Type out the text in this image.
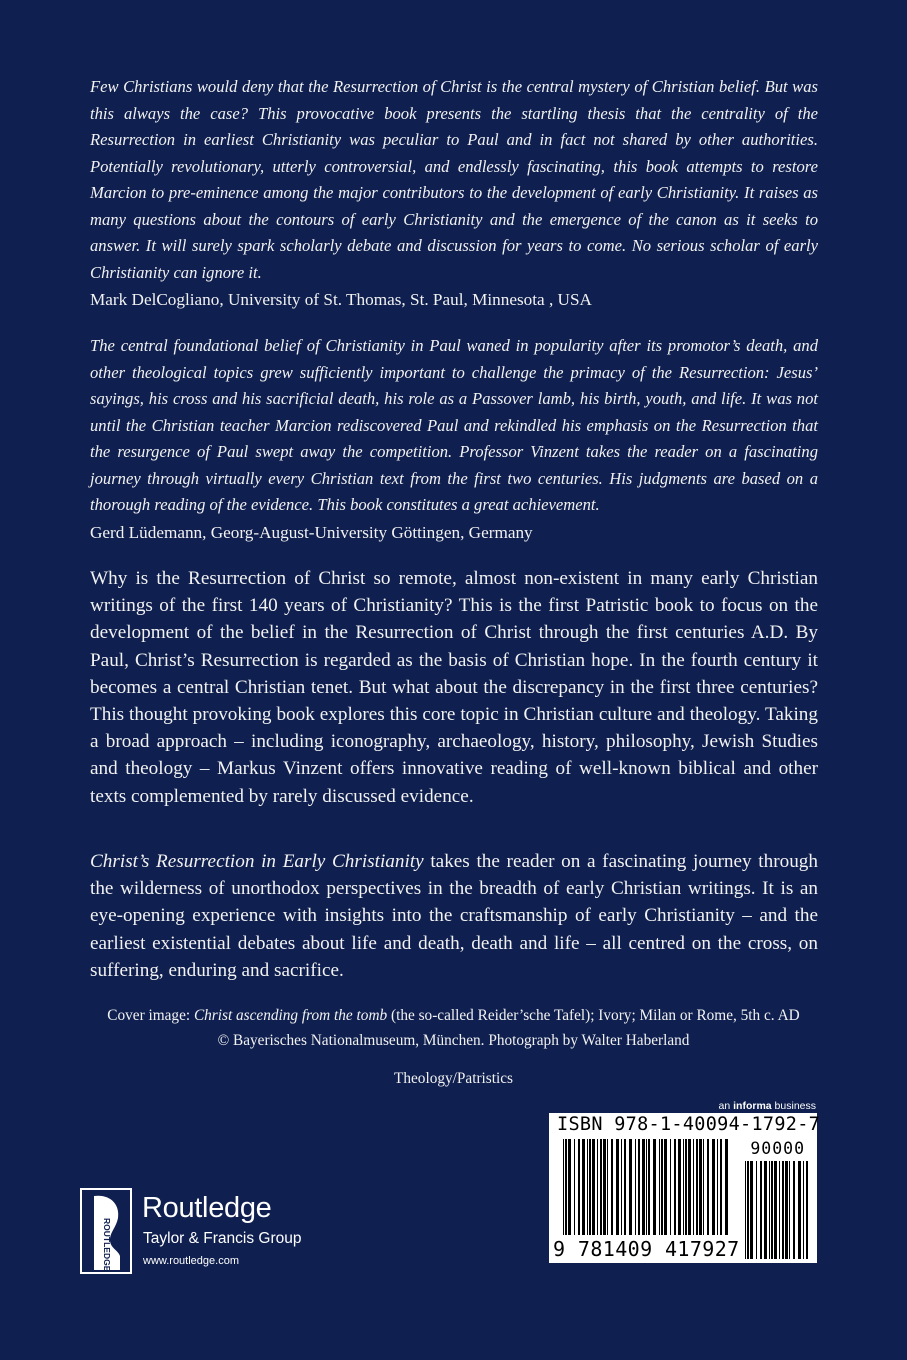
Few Christians would deny that the Resurrection of Christ is the central mystery of Christian belief. But was this always the case? This provocative book presents the startling thesis that the centrality of the Resurrection in earliest Christianity was peculiar to Paul and in fact not shared by other authorities. Potentially revolutionary, utterly controversial, and endlessly fascinating, this book attempts to restore Marcion to pre-eminence among the major contributors to the development of early Christianity. It raises as many questions about the contours of early Christianity and the emergence of the canon as it seeks to answer. It will surely spark scholarly debate and discussion for years to come. No serious scholar of early Christianity can ignore it.

Mark DelCogliano, University of St. Thomas, St. Paul, Minnesota , USA

The central foundational belief of Christianity in Paul waned in popularity after its promotor’s death, and other theological topics grew sufficiently important to challenge the primacy of the Resurrection: Jesus’ sayings, his cross and his sacrificial death, his role as a Passover lamb, his birth, youth, and life. It was not until the Christian teacher Marcion rediscovered Paul and rekindled his emphasis on the Resurrection that the resurgence of Paul swept away the competition. Professor Vinzent takes the reader on a fascinating journey through virtually every Christian text from the first two centuries. His judgments are based on a thorough reading of the evidence. This book constitutes a great achievement.

Gerd Lüdemann, Georg-August-University Göttingen, Germany

Why is the Resurrection of Christ so remote, almost non-existent in many early Christian writings of the first 140 years of Christianity? This is the first Patristic book to focus on the development of the belief in the Resurrection of Christ through the first centuries A.D. By Paul, Christ’s Resurrection is regarded as the basis of Christian hope. In the fourth century it becomes a central Christian tenet. But what about the discrepancy in the first three centuries? This thought provoking book explores this core topic in Christian culture and theology. Taking a broad approach – including iconography, archaeology, history, philosophy, Jewish Studies and theology – Markus Vinzent offers innovative reading of well-known biblical and other texts complemented by rarely discussed evidence.

Christ’s Resurrection in Early Christianity takes the reader on a fascinating journey through the wilderness of unorthodox perspectives in the breadth of early Christian writings. It is an eye-opening experience with insights into the craftsmanship of early Christianity – and the earliest existential debates about life and death, death and life – all centred on the cross, on suffering, enduring and sacrifice.

Cover image: Christ ascending from the tomb (the so-called Reider’sche Tafel); Ivory; Milan or Rome, 5th c. AD
© Bayerisches Nationalmuseum, München. Photograph by Walter Haberland
Theology/Patristics
an informa business
ISBN 978-1-40094-1792-7
90000
9 781409 417927
ROUTLEDGE
Routledge
Taylor & Francis Group
www.routledge.com
